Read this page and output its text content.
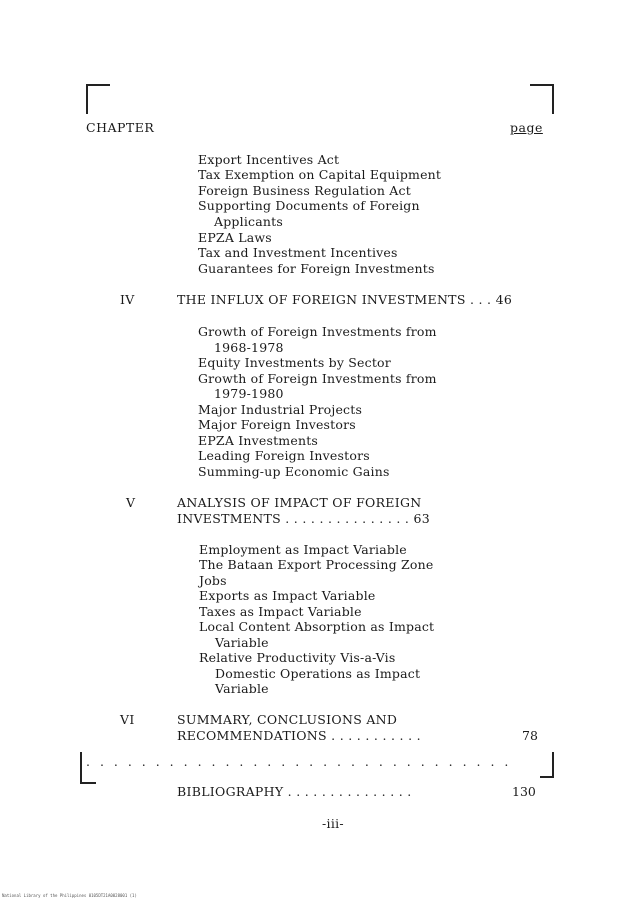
CHAPTER	page
Export Incentives Act
Tax Exemption on Capital Equipment
Foreign Business Regulation Act
Supporting Documents of Foreign
Applicants
EPZA Laws
Tax and Investment Incentives
Guarantees for Foreign Investments
IV	THE INFLUX OF FOREIGN INVESTMENTS . . . 46
Growth of Foreign Investments from
1968-1978
Equity Investments by Sector
Growth of Foreign Investments from
1979-1980
Major Industrial Projects
Major Foreign Investors
EPZA Investments
Leading Foreign Investors
Summing-up Economic Gains
V	ANALYSIS OF IMPACT OF FOREIGN
INVESTMENTS . . . . . . . . . . . . . . . 63
Employment as Impact Variable
The Bataan Export Processing Zone
Jobs
Exports as Impact Variable
Taxes as Impact Variable
Local Content Absorption as Impact
Variable
Relative Productivity Vis-a-Vis
Domestic Operations as Impact
Variable
VI	SUMMARY, CONCLUSIONS AND
RECOMMENDATIONS . . . . . . . . . . .	78
. . . . . . . . . . . . . . . . . . . . . . . . . . . . . . .
BIBLIOGRAPHY . . . . . . . . . . . . . . .	130
-iii-
National Library of the Philippines 0105DT21A0028001 (1)
